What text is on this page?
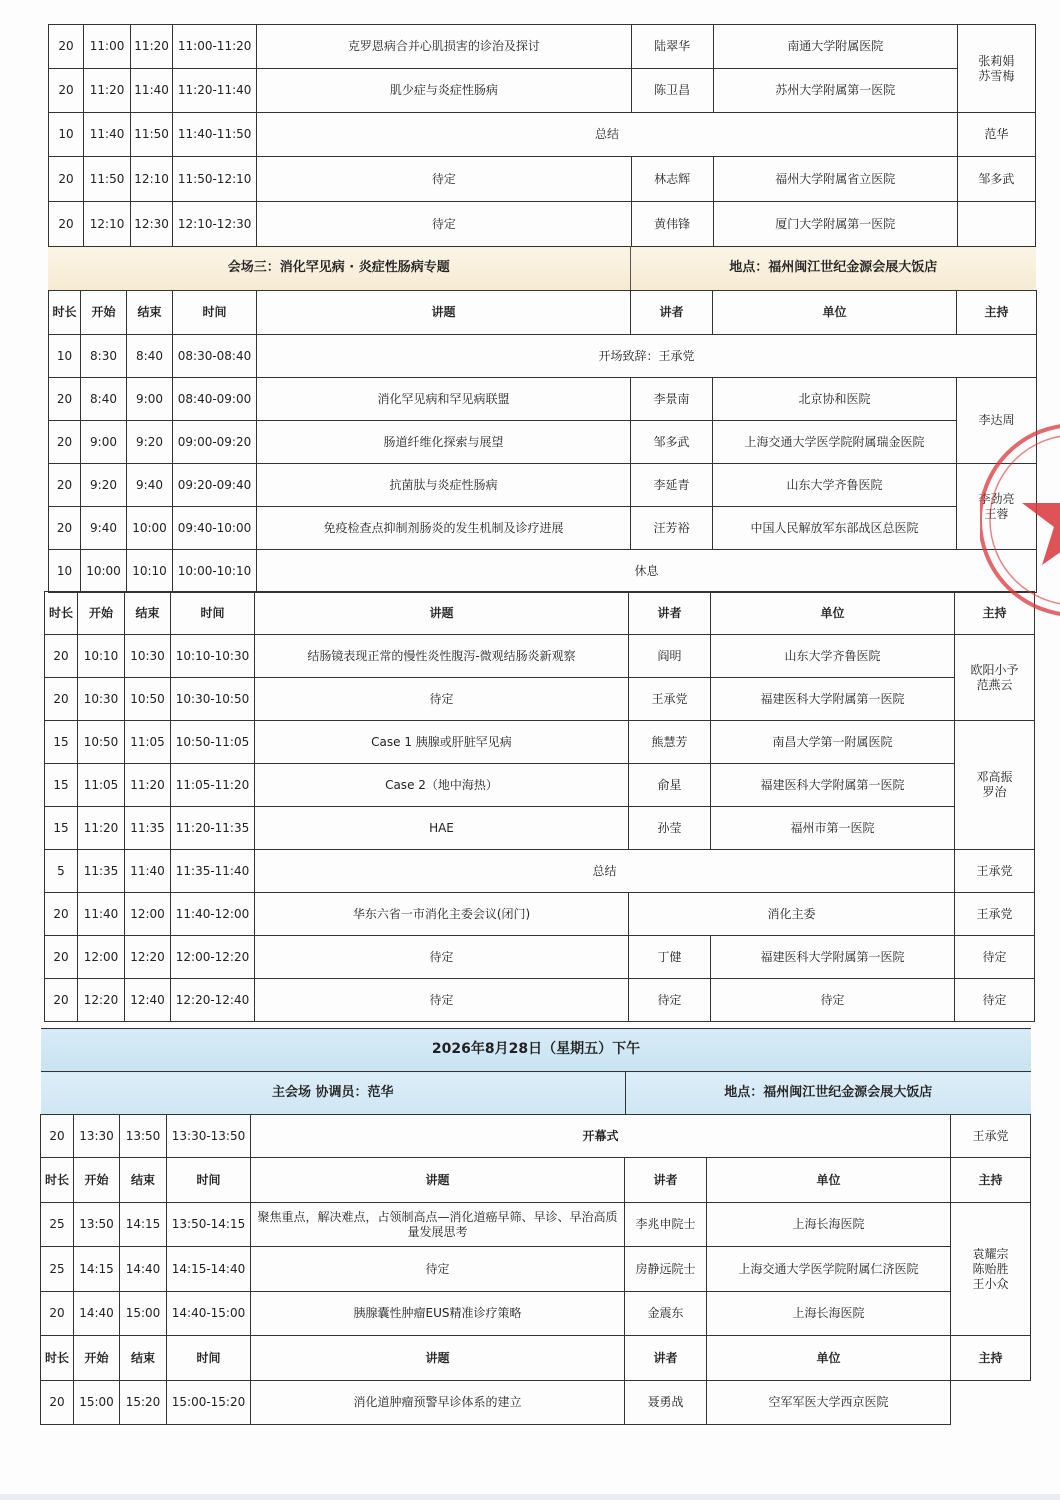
20	11:00	11:20	11:00-11:20	克罗恩病合并心肌损害的诊治及探讨	陆翠华	南通大学附属医院	张莉娟
苏雪梅
20	11:20	11:40	11:20-11:40	肌少症与炎症性肠病	陈卫昌	苏州大学附属第一医院	
10	11:40	11:50	11:40-11:50	总结			范华
20	11:50	12:10	11:50-12:10	待定	林志辉	福州大学附属省立医院	邹多武
20	12:10	12:30	12:10-12:30	待定	黄伟锋	厦门大学附属第一医院	
会场三：消化罕见病 · 炎症性肠病专题	地点：福州闽江世纪金源会展大饭店
时长	开始	结束	时间	讲题	讲者	单位	主持
10	8:30	8:40	08:30-08:40	开场致辞：王承党			
20	8:40	9:00	08:40-09:00	消化罕见病和罕见病联盟	李景南	北京协和医院	李达周
20	9:00	9:20	09:00-09:20	肠道纤维化探索与展望	邹多武	上海交通大学医学院附属瑞金医院	
20	9:20	9:40	09:20-09:40	抗菌肽与炎症性肠病	李延青	山东大学齐鲁医院	李劲亮
王蓉
20	9:40	10:00	09:40-10:00	免疫检查点抑制剂肠炎的发生机制及诊疗进展	汪芳裕	中国人民解放军东部战区总医院	
10	10:00	10:10	10:00-10:10	休息			
时长	开始	结束	时间	讲题	讲者	单位	主持
20	10:10	10:30	10:10-10:30	结肠镜表现正常的慢性炎性腹泻-微观结肠炎新观察	阎明	山东大学齐鲁医院	欧阳小予
范燕云
20	10:30	10:50	10:30-10:50	待定	王承党	福建医科大学附属第一医院	
15	10:50	11:05	10:50-11:05	Case 1 胰腺或肝脏罕见病	熊慧芳	南昌大学第一附属医院	邓高振
罗治
15	11:05	11:20	11:05-11:20	Case 2（地中海热）	俞星	福建医科大学附属第一医院	
15	11:20	11:35	11:20-11:35	HAE	孙莹	福州市第一医院	
5	11:35	11:40	11:35-11:40	总结			王承党
20	11:40	12:00	11:40-12:00	华东六省一市消化主委会议(闭门)	消化主委		王承党
20	12:00	12:20	12:00-12:20	待定	丁健	福建医科大学附属第一医院	待定
20	12:20	12:40	12:20-12:40	待定	待定	待定	待定
2026年8月28日（星期五）下午
主会场 协调员：范华	地点：福州闽江世纪金源会展大饭店
20	13:30	13:50	13:30-13:50	开幕式			王承党
时长	开始	结束	时间	讲题	讲者	单位	主持
25	13:50	14:15	13:50-14:15	聚焦重点，解决难点，占领制高点—消化道癌早筛、早诊、早治高质量发展思考	李兆申院士	上海长海医院	袁耀宗
陈贻胜
王小众
25	14:15	14:40	14:15-14:40	待定	房静远院士	上海交通大学医学院附属仁济医院	
20	14:40	15:00	14:40-15:00	胰腺囊性肿瘤EUS精准诊疗策略	金震东	上海长海医院	
时长	开始	结束	时间	讲题	讲者	单位	主持
20	15:00	15:20	15:00-15:20	消化道肿瘤预警早诊体系的建立	聂勇战	空军军医大学西京医院	
